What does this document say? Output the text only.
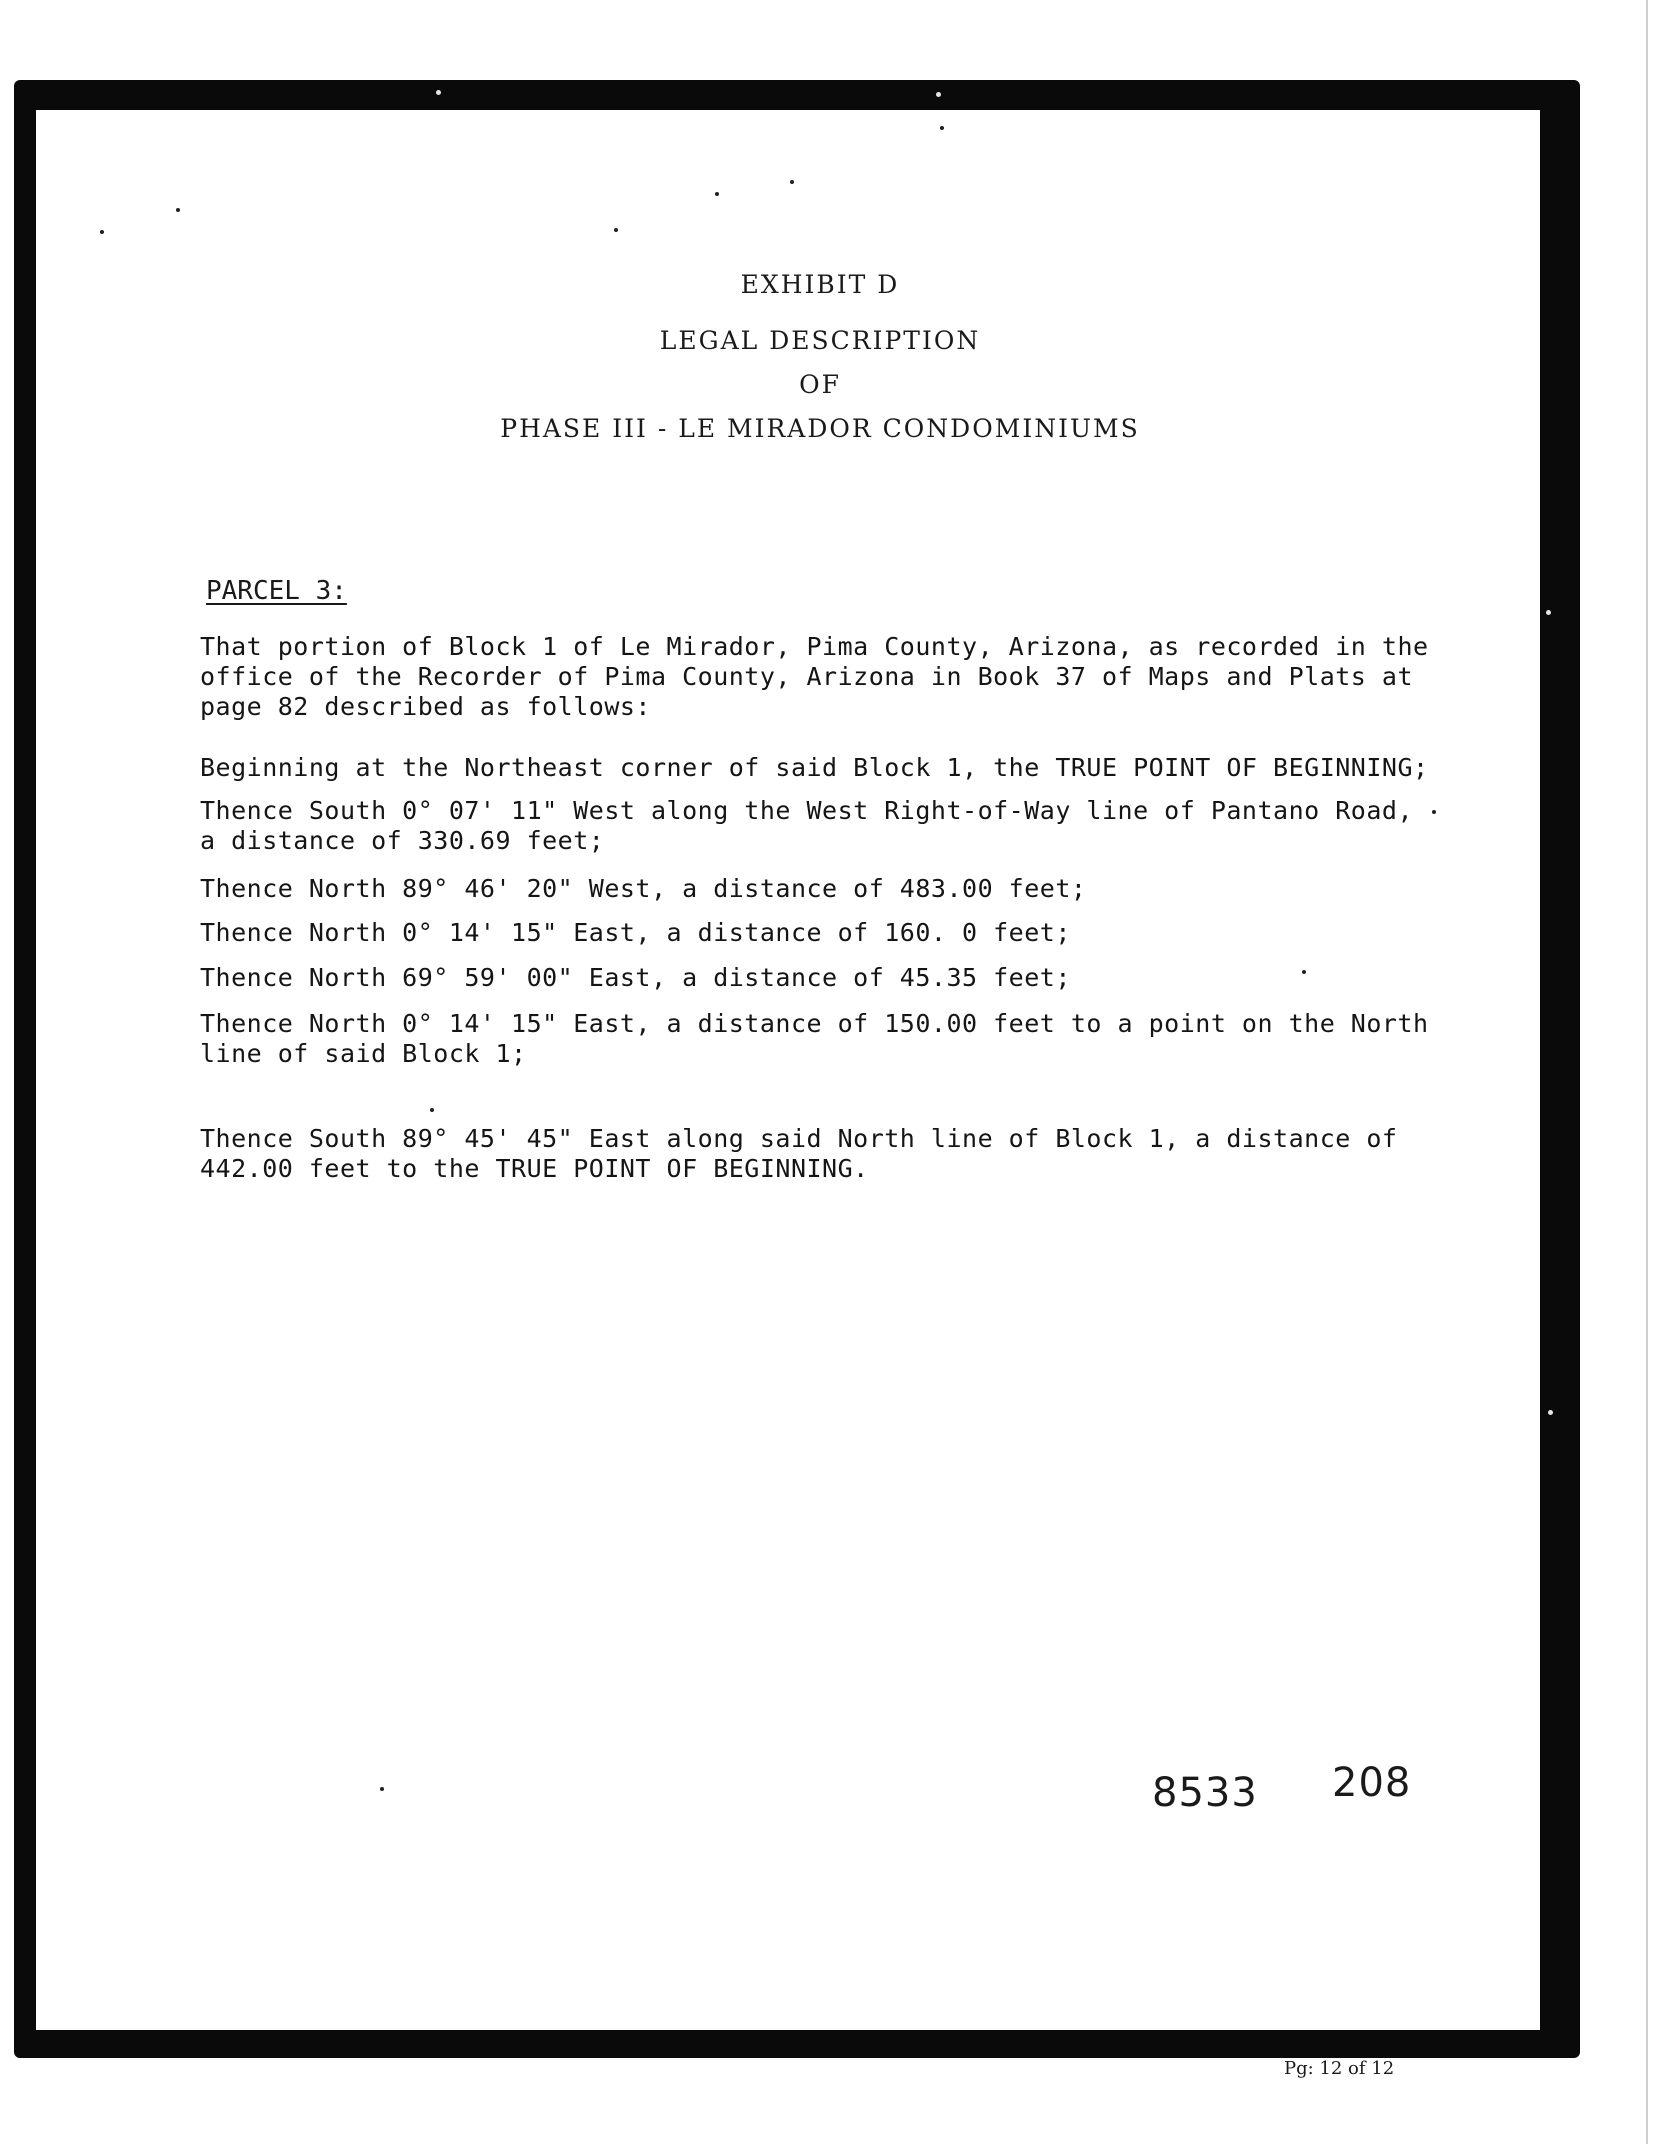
EXHIBIT D
LEGAL DESCRIPTION
OF
PHASE III - LE MIRADOR CONDOMINIUMS
PARCEL 3:
That portion of Block 1 of Le Mirador, Pima County, Arizona, as recorded in the
office of the Recorder of Pima County, Arizona in Book 37 of Maps and Plats at
page 82 described as follows:
Beginning at the Northeast corner of said Block 1, the TRUE POINT OF BEGINNING;
Thence South 0° 07' 11" West along the West Right-of-Way line of Pantano Road,
a distance of 330.69 feet;
Thence North 89° 46' 20" West, a distance of 483.00 feet;
Thence North 0° 14' 15" East, a distance of 160. 0 feet;
Thence North 69° 59' 00" East, a distance of 45.35 feet;
Thence North 0° 14' 15" East, a distance of 150.00 feet to a point on the North
line of said Block 1;
Thence South 89° 45' 45" East along said North line of Block 1, a distance of
442.00 feet to the TRUE POINT OF BEGINNING.
8533 208
Pg: 12 of 12
